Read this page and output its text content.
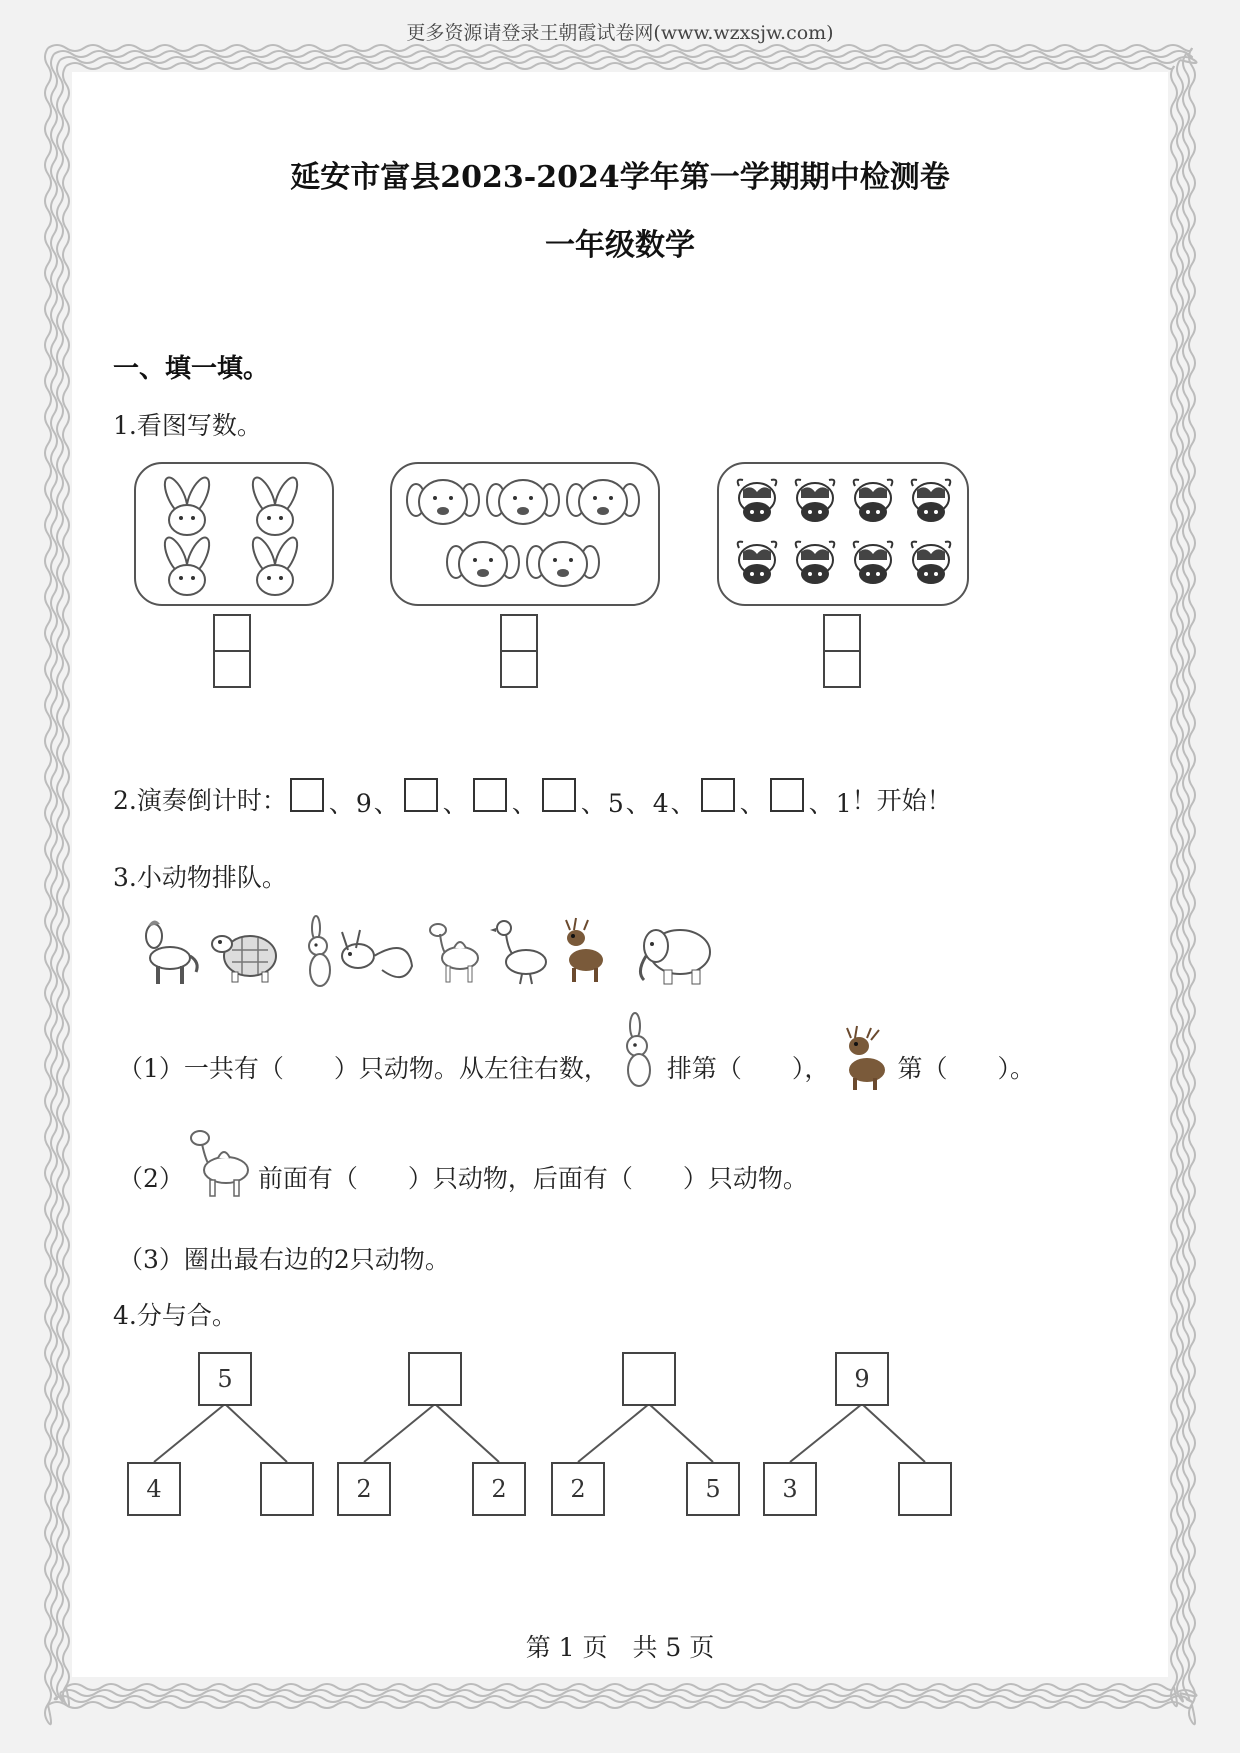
更多资源请登录王朝霞试卷网(www.wzxsjw.com)
延安市富县2023-2024学年第一学期期中检测卷
一年级数学
一、填一填。
1.看图写数。
2.演奏倒计时：	、9、 、 、 、5、4、 、 、1 ！开始！
3.小动物排队。
（1）一共有（　　）只动物。从左往右数， 排第（　　），	第（　　）。
（2）	前面有（　　）只动物，后面有（　　）只动物。
（3）圈出最右边的2只动物。
4.分与合。
5
4	2	2	2	5
9
3
第 1 页　共 5 页
